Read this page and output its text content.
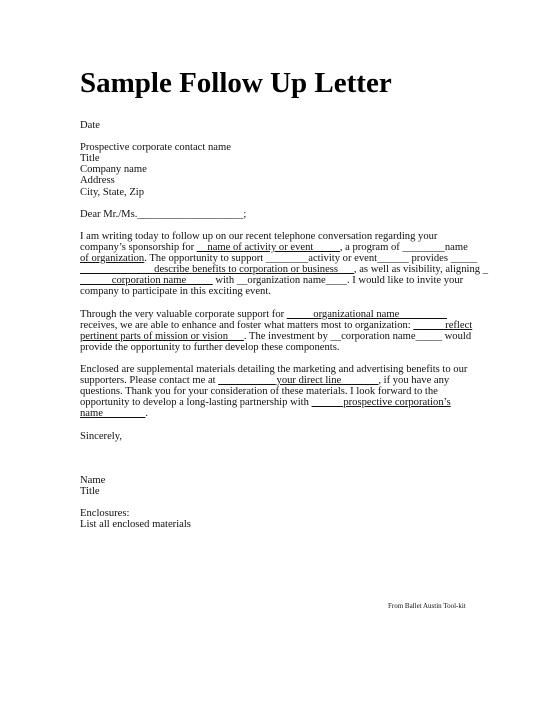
Sample Follow Up Letter
Date
Prospective corporate contact name
Title
Company name
Address
City, State, Zip
Dear Mr./Ms.____________________;
I am writing today to follow up on our recent telephone conversation regarding your
company’s sponsorship for __name of activity or event_____, a program of ________name
of organization. The opportunity to support ________activity or event______ provides _____
______________describe benefits to corporation or business___, as well as visibility, aligning _
______corporation name_____ with __organization name____. I would like to invite your
company to participate in this exciting event.
Through the very valuable corporate support for _____organizational name_________
receives, we are able to enhance and foster what matters most to organization: ______reflect
pertinent parts of mission or vision___. The investment by __corporation name_____ would
provide the opportunity to further develop these components.
Enclosed are supplemental materials detailing the marketing and advertising benefits to our
supporters. Please contact me at ___________your direct line_______, if you have any
questions. Thank you for your consideration of these materials. I look forward to the
opportunity to develop a long-lasting partnership with ______prospective corporation’s
name________.
Sincerely,
Name
Title
Enclosures:
List all enclosed materials
From Ballet Austin Tool-kit
